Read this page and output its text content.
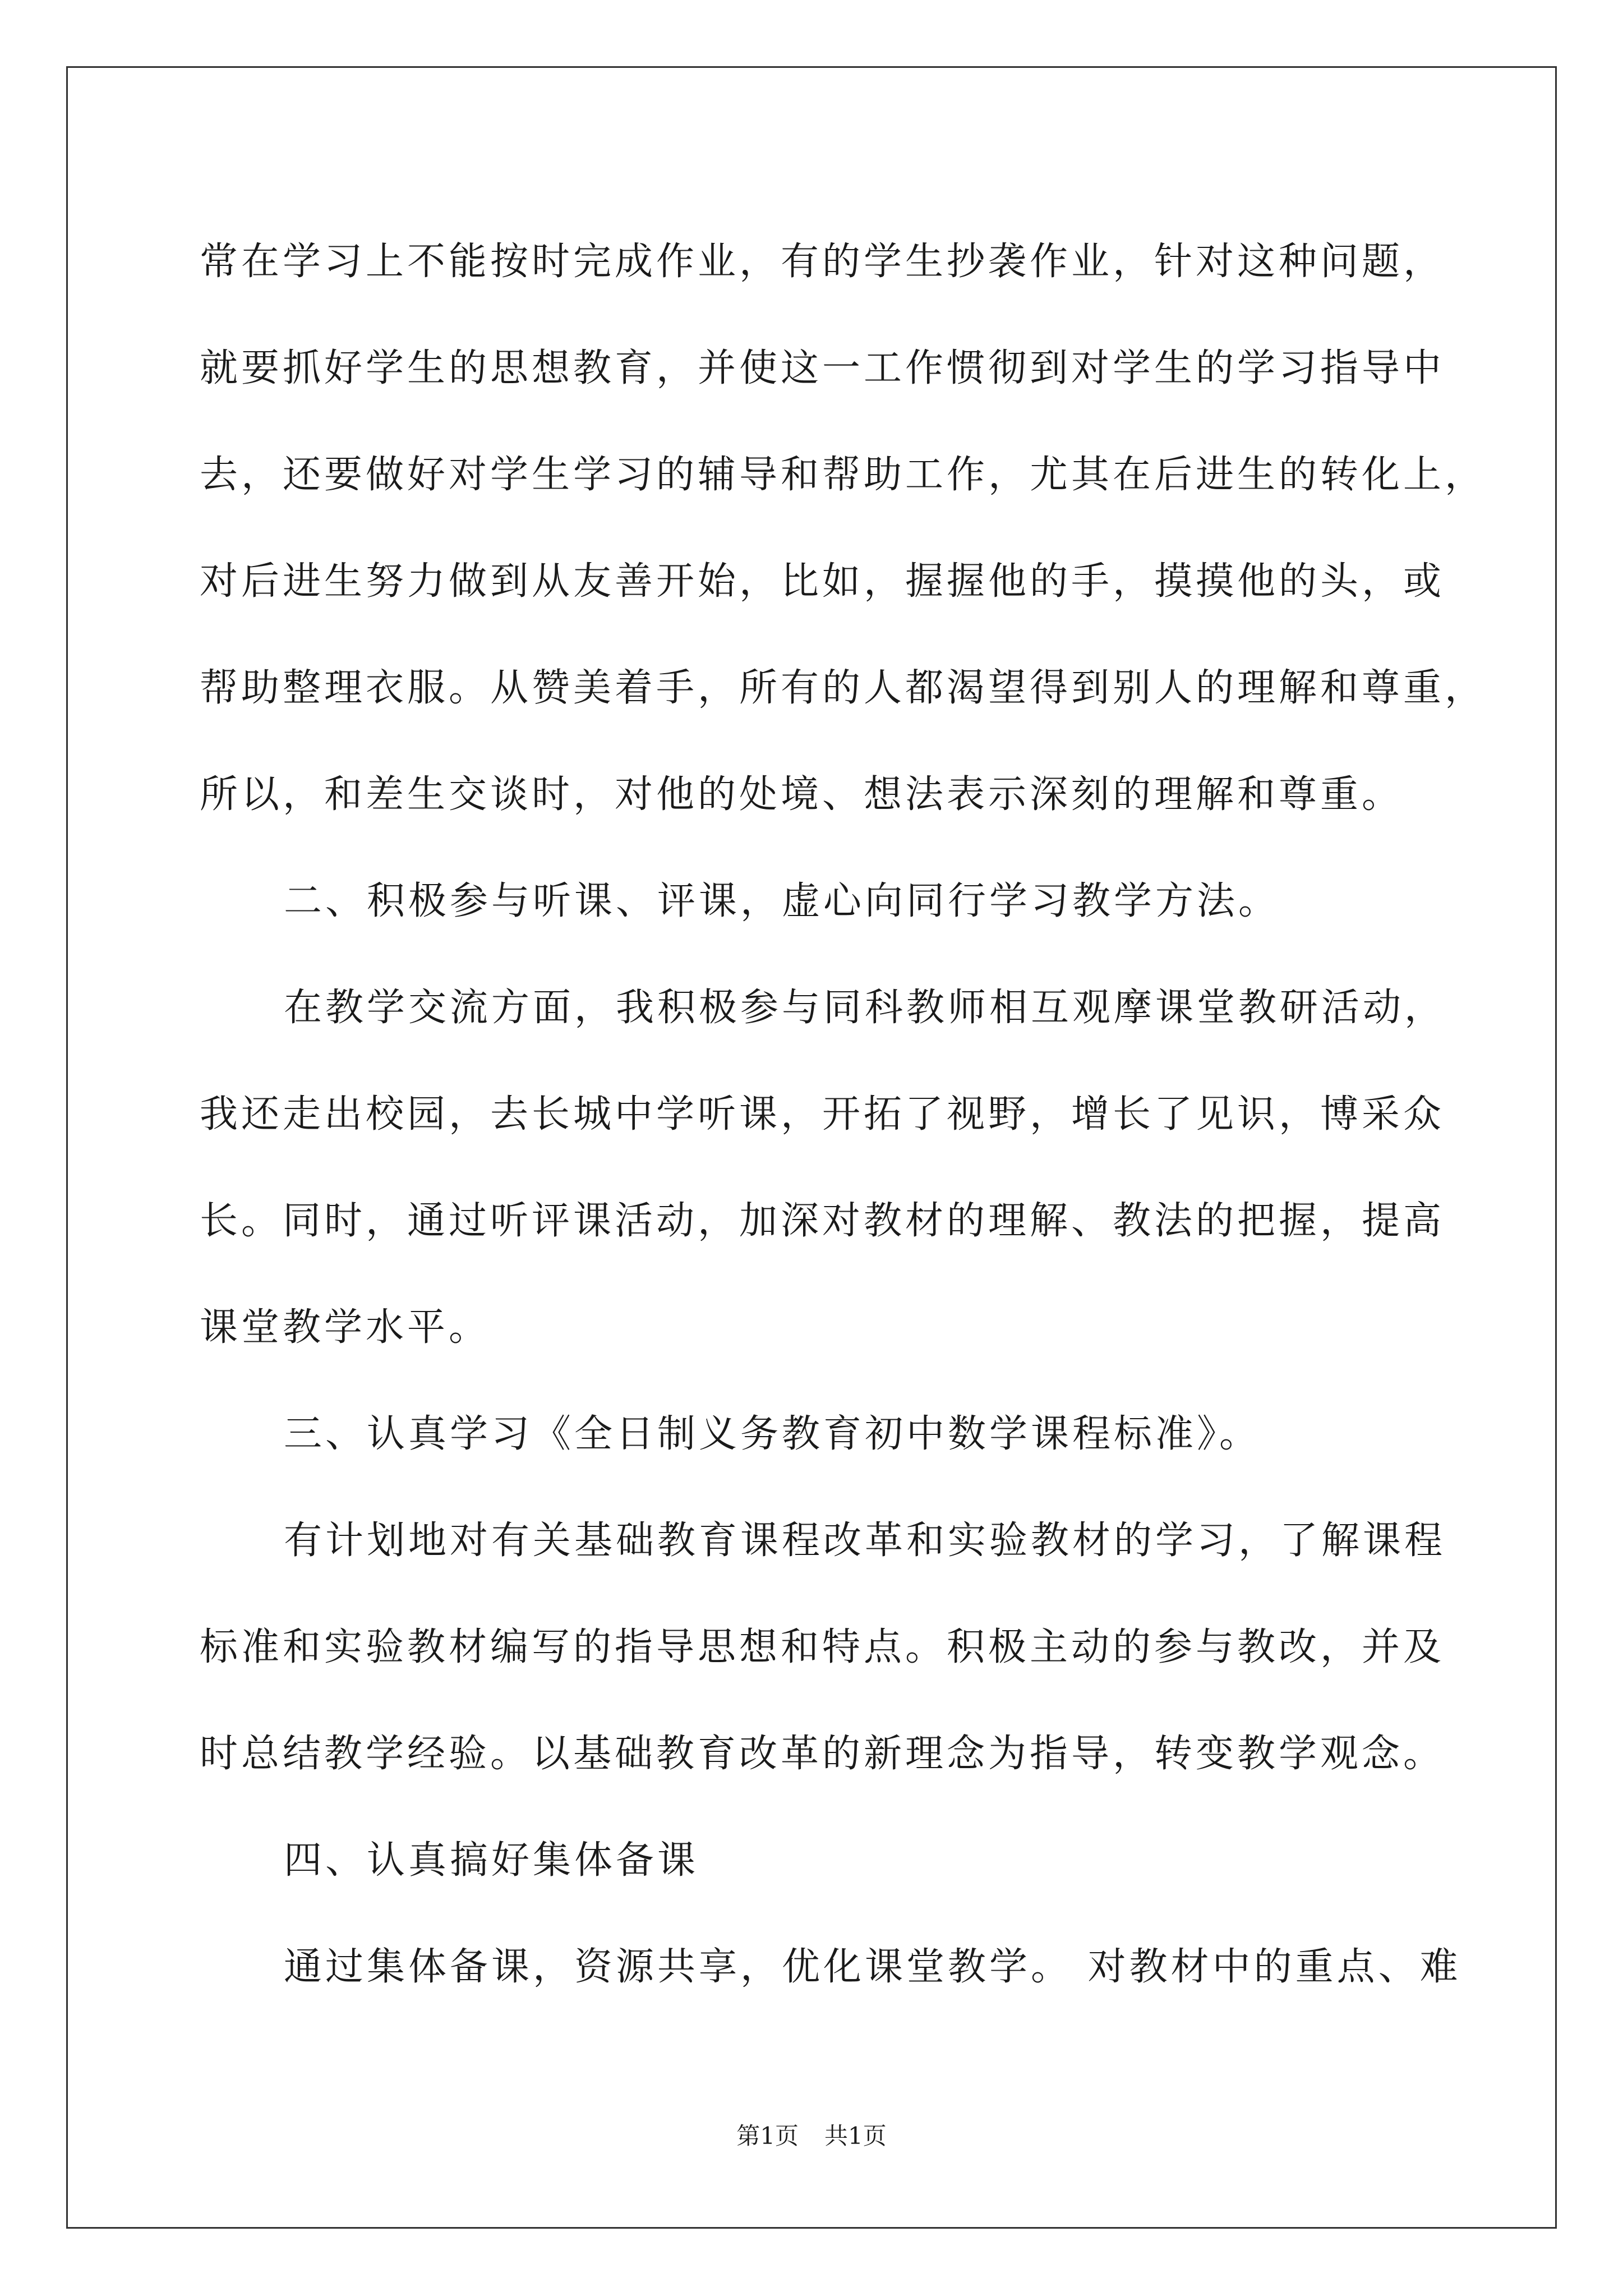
常在学习上不能按时完成作业，有的学生抄袭作业，针对这种问题，
就要抓好学生的思想教育，并使这一工作惯彻到对学生的学习指导中
去，还要做好对学生学习的辅导和帮助工作，尤其在后进生的转化上，
对后进生努力做到从友善开始，比如，握握他的手，摸摸他的头，或
帮助整理衣服。从赞美着手，所有的人都渴望得到别人的理解和尊重，
所以，和差生交谈时，对他的处境、想法表示深刻的理解和尊重。
二、积极参与听课、评课，虚心向同行学习教学方法。
在教学交流方面，我积极参与同科教师相互观摩课堂教研活动，
我还走出校园，去长城中学听课，开拓了视野，增长了见识，博采众
长。同时，通过听评课活动，加深对教材的理解、教法的把握，提高
课堂教学水平。
三、认真学习《全日制义务教育初中数学课程标准》。
有计划地对有关基础教育课程改革和实验教材的学习，了解课程
标准和实验教材编写的指导思想和特点。积极主动的参与教改，并及
时总结教学经验。以基础教育改革的新理念为指导，转变教学观念。
四、认真搞好集体备课
通过集体备课，资源共享，优化课堂教学。 对教材中的重点、难
第1页 共1页
